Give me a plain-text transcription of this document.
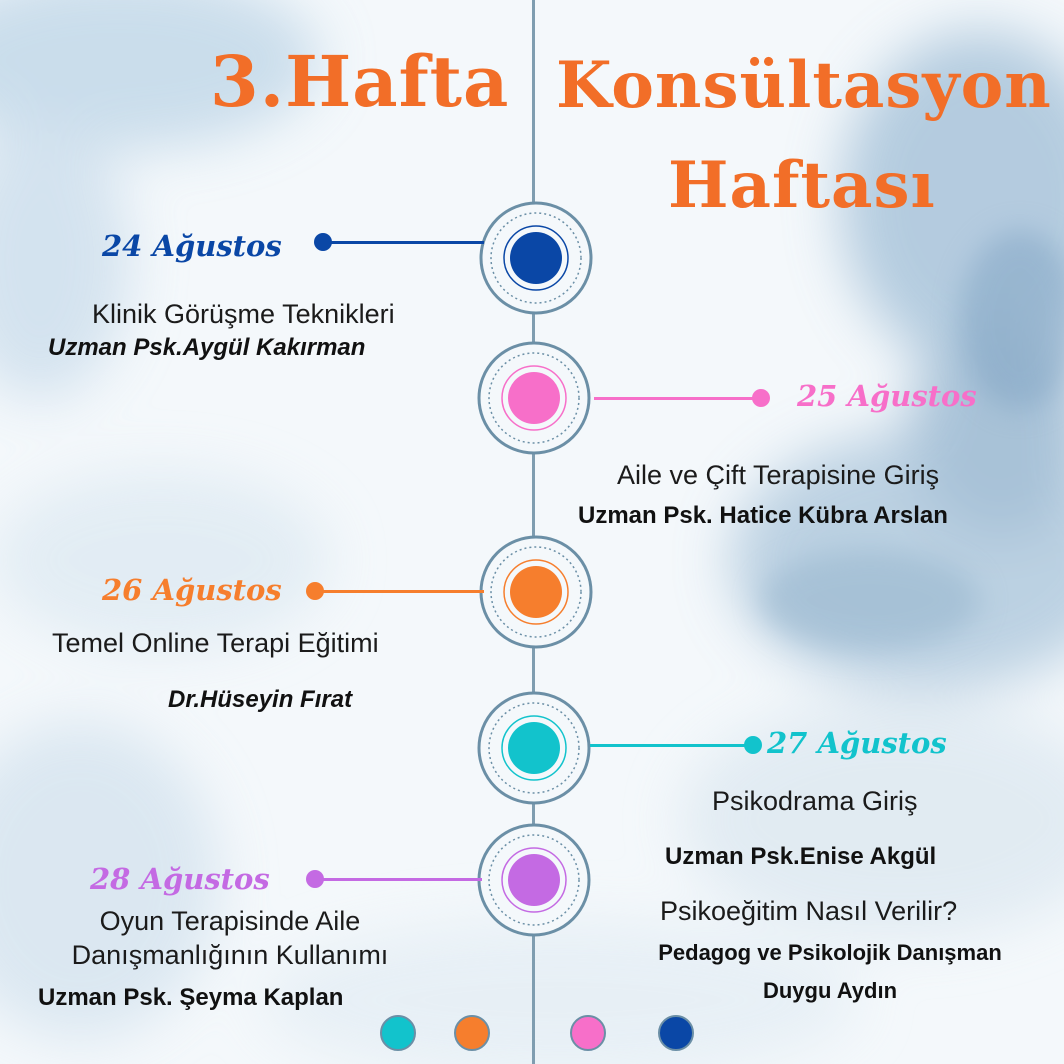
3.Hafta Konsültasyon
Haftası
24 Ağustos
Klinik Görüşme Teknikleri
Uzman Psk.Aygül Kakırman
25 Ağustos
Aile ve Çift Terapisine Giriş
Uzman Psk. Hatice Kübra Arslan
26 Ağustos
Temel Online Terapi Eğitimi
Dr.Hüseyin Fırat
27 Ağustos
Psikodrama Giriş
Uzman Psk.Enise Akgül
Psikoeğitim Nasıl Verilir?
Pedagog ve Psikolojik Danışman
Duygu Aydın
28 Ağustos
Oyun Terapisinde Aile
Danışmanlığının Kullanımı
Uzman Psk. Şeyma Kaplan
